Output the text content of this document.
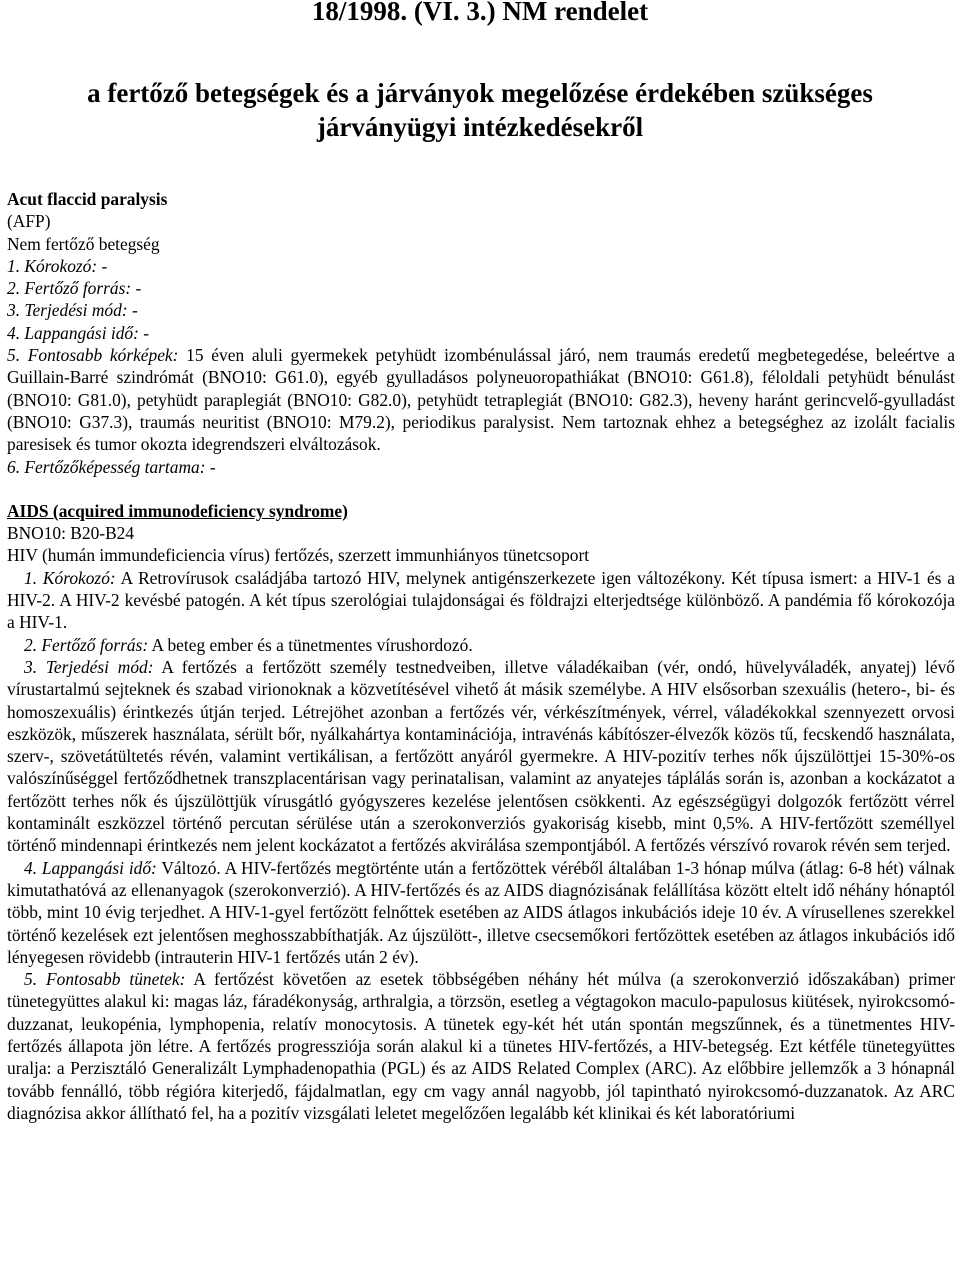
18/1998. (VI. 3.) NM rendelet
a fertőző betegségek és a járványok megelőzése érdekében szükséges
járványügyi intézkedésekről

Acut flaccid paralysis

(AFP)

Nem fertőző betegség

1. Kórokozó: -

2. Fertőző forrás: -

3. Terjedési mód: -

4. Lappangási idő: -

5. Fontosabb kórképek: 15 éven aluli gyermekek petyhüdt izombénulással járó, nem traumás eredetű megbetegedése, beleértve a Guillain-Barré szindrómát (BNO10: G61.0), egyéb gyulladásos polyneuoropathiákat (BNO10: G61.8), féloldali petyhüdt bénulást (BNO10: G81.0), petyhüdt paraplegiát (BNO10: G82.0), petyhüdt tetraplegiát (BNO10: G82.3), heveny haránt gerincvelő-gyulladást (BNO10: G37.3), traumás neuritist (BNO10: M79.2), periodikus paralysist. Nem tartoznak ehhez a betegséghez az izolált facialis paresisek és tumor okozta idegrendszeri elváltozások.

6. Fertőzőképesség tartama: -

AIDS (acquired immunodeficiency syndrome)

BNO10: B20-B24

HIV (humán immundeficiencia vírus) fertőzés, szerzett immunhiányos tünetcsoport

1. Kórokozó: A Retrovírusok családjába tartozó HIV, melynek antigénszerkezete igen változékony. Két típusa ismert: a HIV-1 és a HIV-2. A HIV-2 kevésbé patogén. A két típus szerológiai tulajdonságai és földrajzi elterjedtsége különböző. A pandémia fő kórokozója a HIV-1.

2. Fertőző forrás: A beteg ember és a tünetmentes vírushordozó.

3. Terjedési mód: A fertőzés a fertőzött személy testnedveiben, illetve váladékaiban (vér, ondó, hüvelyváladék, anyatej) lévő vírustartalmú sejteknek és szabad virionoknak a közvetítésével vihető át másik személybe. A HIV elsősorban szexuális (hetero-, bi- és homoszexuális) érintkezés útján terjed. Létrejöhet azonban a fertőzés vér, vérkészítmények, vérrel, váladékokkal szennyezett orvosi eszközök, műszerek használata, sérült bőr, nyálkahártya kontaminációja, intravénás kábítószer-élvezők közös tű, fecskendő használata, szerv-, szövetátültetés révén, valamint vertikálisan, a fertőzött anyáról gyermekre. A HIV-pozitív terhes nők újszülöttjei 15-30%-os valószínűséggel fertőződhetnek transzplacentárisan vagy perinatalisan, valamint az anyatejes táplálás során is, azonban a kockázatot a fertőzött terhes nők és újszülöttjük vírusgátló gyógyszeres kezelése jelentősen csökkenti. Az egészségügyi dolgozók fertőzött vérrel kontaminált eszközzel történő percutan sérülése után a szerokonverziós gyakoriság kisebb, mint 0,5%. A HIV-fertőzött személlyel történő mindennapi érintkezés nem jelent kockázatot a fertőzés akvirálása szempontjából. A fertőzés vérszívó rovarok révén sem terjed.

4. Lappangási idő: Változó. A HIV-fertőzés megtörténte után a fertőzöttek véréből általában 1-3 hónap múlva (átlag: 6-8 hét) válnak kimutathatóvá az ellenanyagok (szerokonverzió). A HIV-fertőzés és az AIDS diagnózisának felállítása között eltelt idő néhány hónaptól több, mint 10 évig terjedhet. A HIV-1-gyel fertőzött felnőttek esetében az AIDS átlagos inkubációs ideje 10 év. A vírusellenes szerekkel történő kezelések ezt jelentősen meghosszabbíthatják. Az újszülött-, illetve csecsemőkori fertőzöttek esetében az átlagos inkubációs idő lényegesen rövidebb (intrauterin HIV-1 fertőzés után 2 év).

5. Fontosabb tünetek: A fertőzést követően az esetek többségében néhány hét múlva (a szerokonverzió időszakában) primer tünetegyüttes alakul ki: magas láz, fáradékonyság, arthralgia, a törzsön, esetleg a végtagokon maculo-papulosus kiütések, nyirokcsomó-duzzanat, leukopénia, lymphopenia, relatív monocytosis. A tünetek egy-két hét után spontán megszűnnek, és a tünetmentes HIV-fertőzés állapota jön létre. A fertőzés progressziója során alakul ki a tünetes HIV-fertőzés, a HIV-betegség. Ezt kétféle tünetegyüttes uralja: a Perzisztáló Generalizált Lymphadenopathia (PGL) és az AIDS Related Complex (ARC). Az előbbire jellemzők a 3 hónapnál tovább fennálló, több régióra kiterjedő, fájdalmatlan, egy cm vagy annál nagyobb, jól tapintható nyirokcsomó-duzzanatok. Az ARC diagnózisa akkor állítható fel, ha a pozitív vizsgálati leletet megelőzően legalább két klinikai és két laboratóriumi
